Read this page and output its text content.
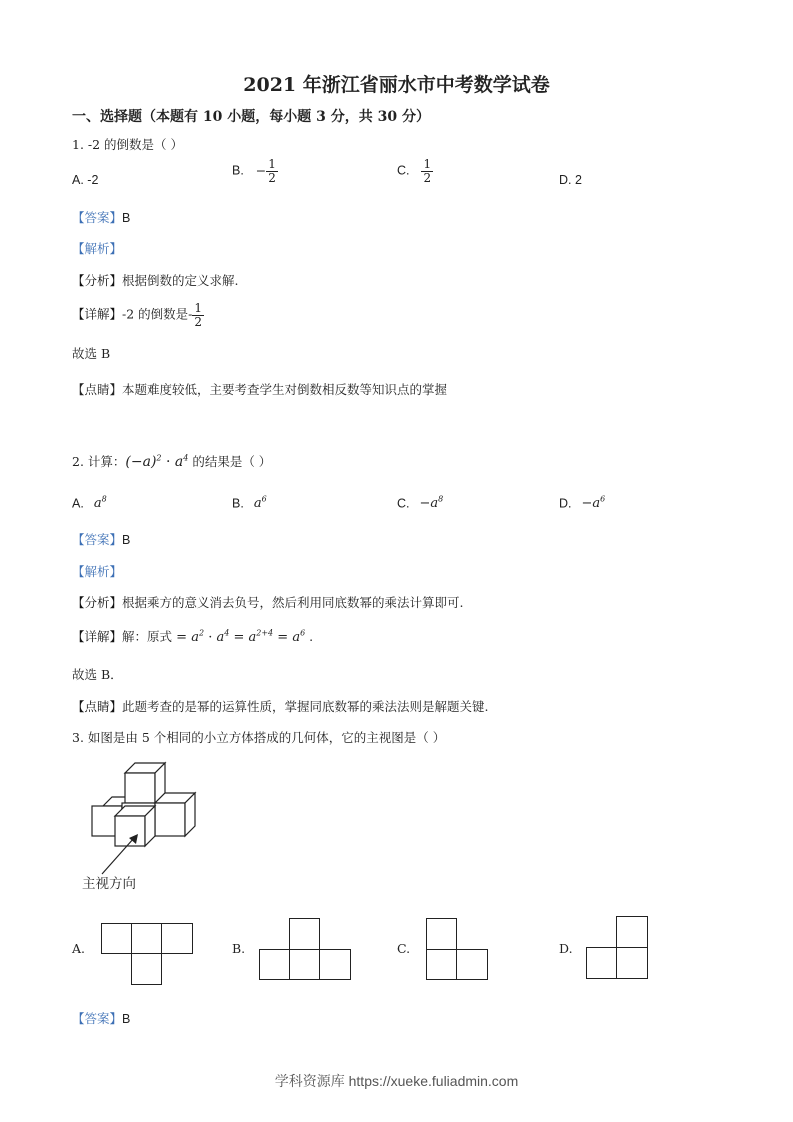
2021 年浙江省丽水市中考数学试卷
一、选择题（本题有 10 小题，每小题 3 分，共 30 分）
1. -2 的倒数是（ ）
A. -2
B. − $\frac{1}{2}$	C. $\frac{1}{2}$	D. 2
【答案】B
【解析】
【分析】根据倒数的定义求解.
【详解】-2 的倒数是- $\frac{1}{2}$
故选 B
【点睛】本题难度较低，主要考查学生对倒数相反数等知识点的掌握
2. 计算：$(-a)^2 \cdot a^4$ 的结果是（ ）
A. $a^8$	B. $a^6$	C. $-a^8$	D. $-a^6$
【答案】B
【解析】
【分析】根据乘方的意义消去负号，然后利用同底数幂的乘法计算即可.
【详解】解：原式 = $a^2 \cdot a^4 = a^{2+4} = a^6$ .
故选 B．
【点睛】此题考查的是幂的运算性质，掌握同底数幂的乘法法则是解题关键.
3. 如图是由 5 个相同的小立方体搭成的几何体，它的主视图是（ ）
主视方向
A.	B.	C.	D.
【答案】B
学科资源库 https://xueke.fuliadmin.com
